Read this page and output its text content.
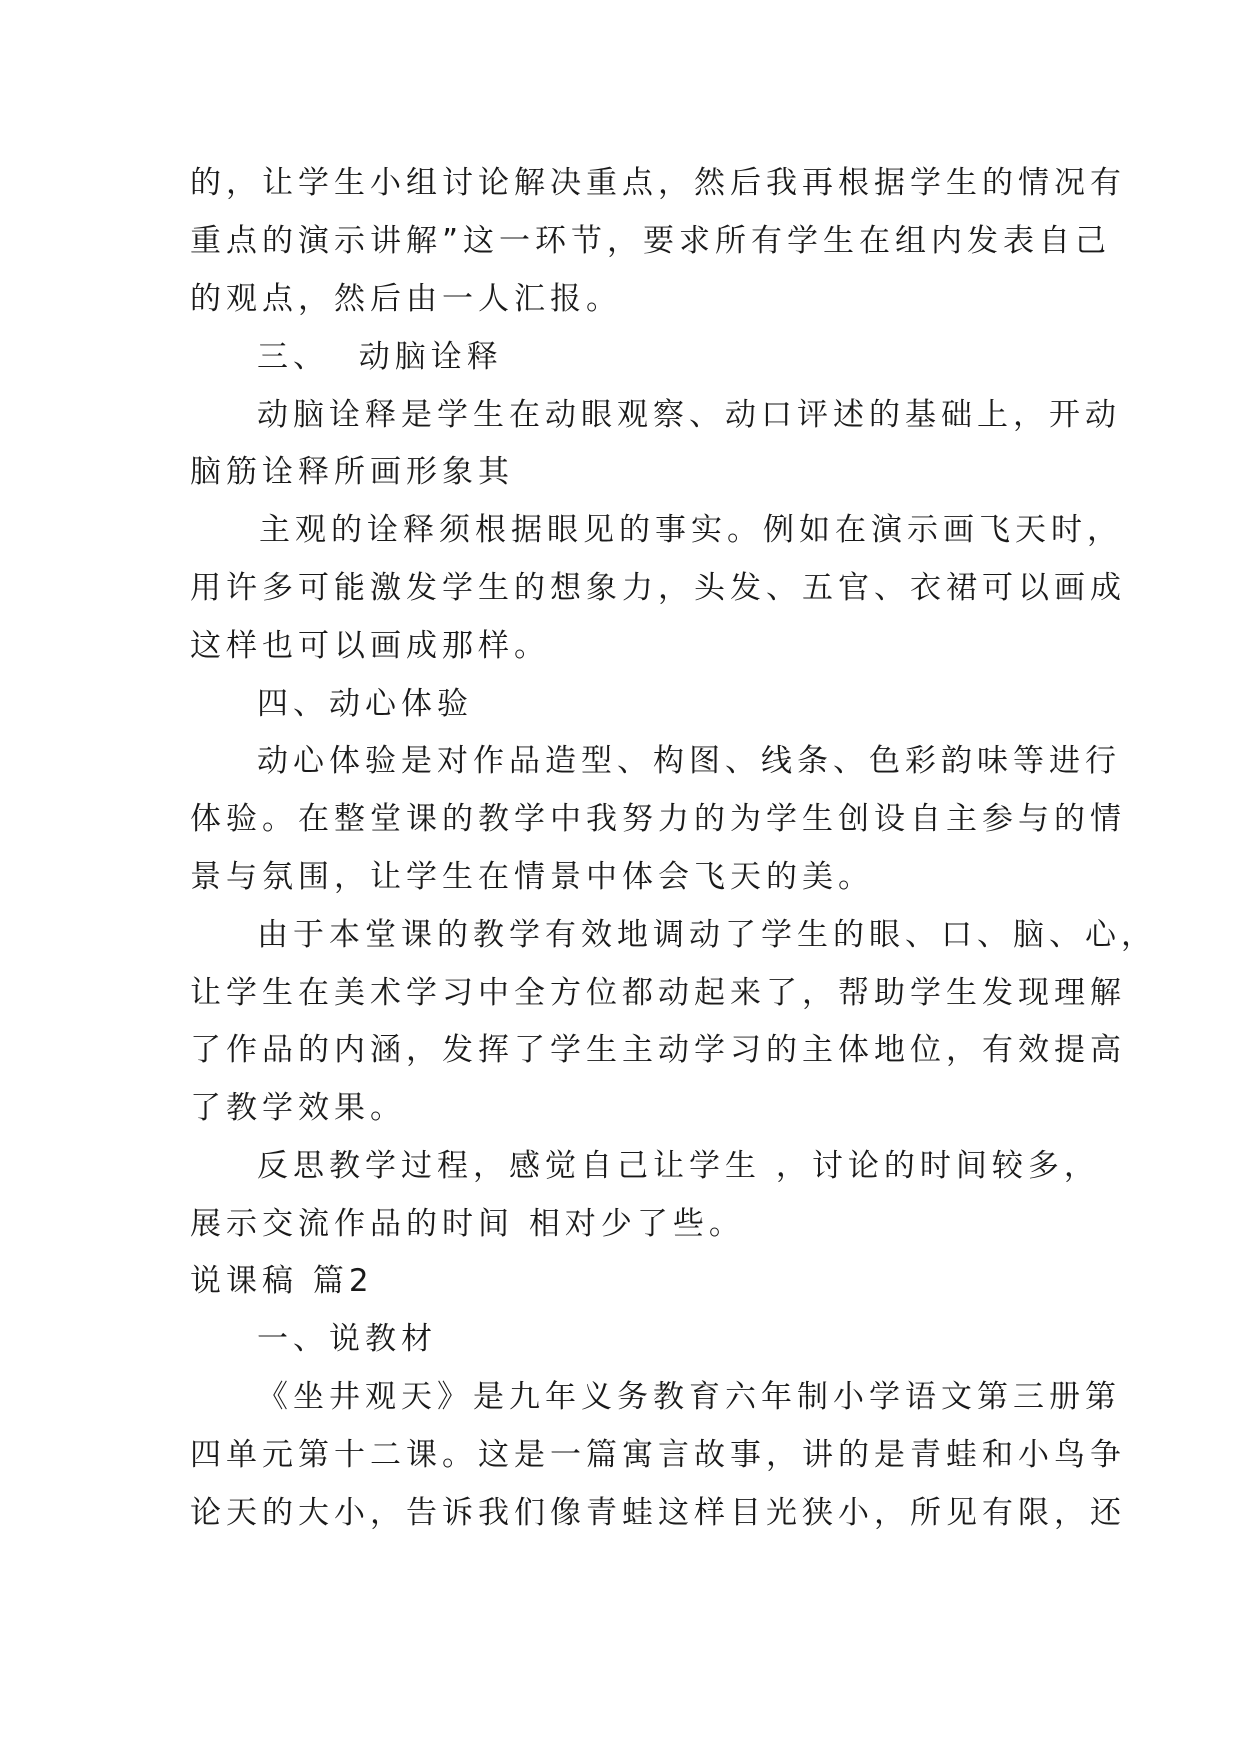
的，让学生小组讨论解决重点，然后我再根据学生的情况有
重点的演示讲解”这一环节，要求所有学生在组内发表自己
的观点，然后由一人汇报。
三、  动脑诠释
动脑诠释是学生在动眼观察、动口评述的基础上，开动
脑筋诠释所画形象其
主观的诠释须根据眼见的事实。例如在演示画飞天时，
用许多可能激发学生的想象力，头发、五官、衣裙可以画成
这样也可以画成那样。
四、动心体验
动心体验是对作品造型、构图、线条、色彩韵味等进行
体验。在整堂课的教学中我努力的为学生创设自主参与的情
景与氛围，让学生在情景中体会飞天的美。
由于本堂课的教学有效地调动了学生的眼、口、脑、心，
让学生在美术学习中全方位都动起来了，帮助学生发现理解
了作品的内涵，发挥了学生主动学习的主体地位，有效提高
了教学效果。
反思教学过程，感觉自己让学生 ，讨论的时间较多，
展示交流作品的时间 相对少了些。
说课稿 篇2
一、说教材
《坐井观天》是九年义务教育六年制小学语文第三册第
四单元第十二课。这是一篇寓言故事，讲的是青蛙和小鸟争
论天的大小，告诉我们像青蛙这样目光狭小，所见有限，还
